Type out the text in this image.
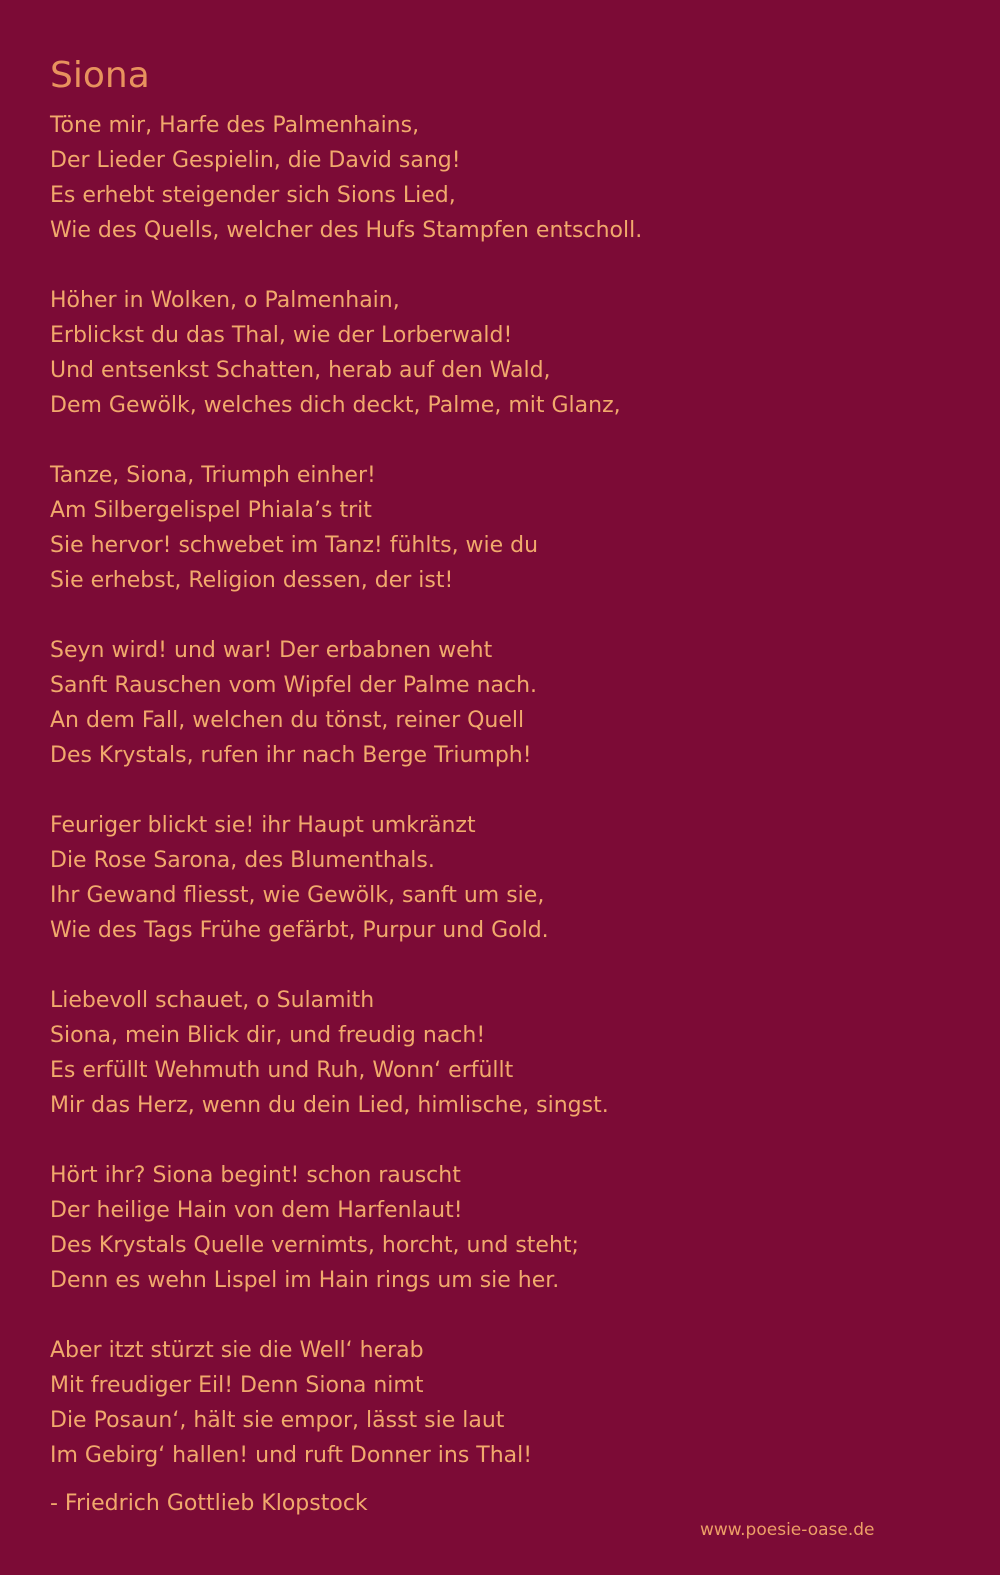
Siona
Töne mir, Harfe des Palmenhains,
Der Lieder Gespielin, die David sang!
Es erhebt steigender sich Sions Lied,
Wie des Quells, welcher des Hufs Stampfen entscholl.
Höher in Wolken, o Palmenhain,
Erblickst du das Thal, wie der Lorberwald!
Und entsenkst Schatten, herab auf den Wald,
Dem Gewölk, welches dich deckt, Palme, mit Glanz,
Tanze, Siona, Triumph einher!
Am Silbergelispel Phiala’s trit
Sie hervor! schwebet im Tanz! fühlts, wie du
Sie erhebst, Religion dessen, der ist!
Seyn wird! und war! Der erbabnen weht
Sanft Rauschen vom Wipfel der Palme nach.
An dem Fall, welchen du tönst, reiner Quell
Des Krystals, rufen ihr nach Berge Triumph!
Feuriger blickt sie! ihr Haupt umkränzt
Die Rose Sarona, des Blumenthals.
Ihr Gewand fliesst, wie Gewölk, sanft um sie,
Wie des Tags Frühe gefärbt, Purpur und Gold.
Liebevoll schauet, o Sulamith
Siona, mein Blick dir, und freudig nach!
Es erfüllt Wehmuth und Ruh, Wonn‘ erfüllt
Mir das Herz, wenn du dein Lied, himlische, singst.
Hört ihr? Siona begint! schon rauscht
Der heilige Hain von dem Harfenlaut!
Des Krystals Quelle vernimts, horcht, und steht;
Denn es wehn Lispel im Hain rings um sie her.
Aber itzt stürzt sie die Well‘ herab
Mit freudiger Eil! Denn Siona nimt
Die Posaun‘, hält sie empor, lässt sie laut
Im Gebirg‘ hallen! und ruft Donner ins Thal!
- Friedrich Gottlieb Klopstock
www.poesie-oase.de
